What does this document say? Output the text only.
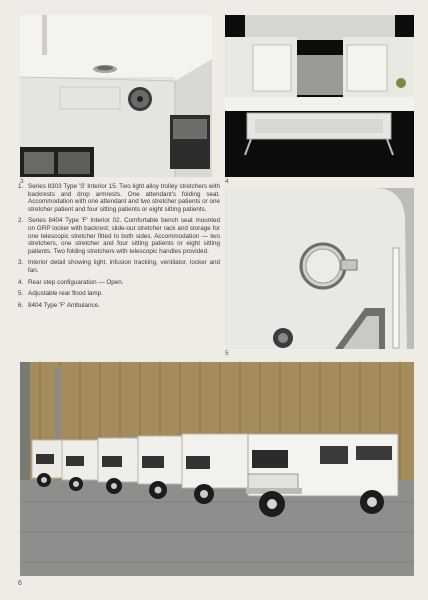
3	4
1. Series 8303 Type 'S' Interior 15. Two light alloy trolley stretchers with backrests and drop armrests. One attendant's folding seat. Accommodation with one attendant and two stretcher patients or one stretcher patient and four sitting patients or eight sitting patients.
2. Series 8404 Type 'F' Interior 02. Comfortable bench seat mounted on GRP locker with backrest; slide-out stretcher rack and storage for one telescopic stretcher fitted to both sides. Accommodation — two stretchers, one stretcher and four sitting patients or eight sitting patients. Two folding stretchers with telescopic handles provided.
3. Interior detail showing light, infusion tracking, ventilator, locker and fan.
4. Rear step configuaration — Open.
5. Adjustable rear flood lamp.
6. 8404 Type 'F' Ambulance.
5
6
